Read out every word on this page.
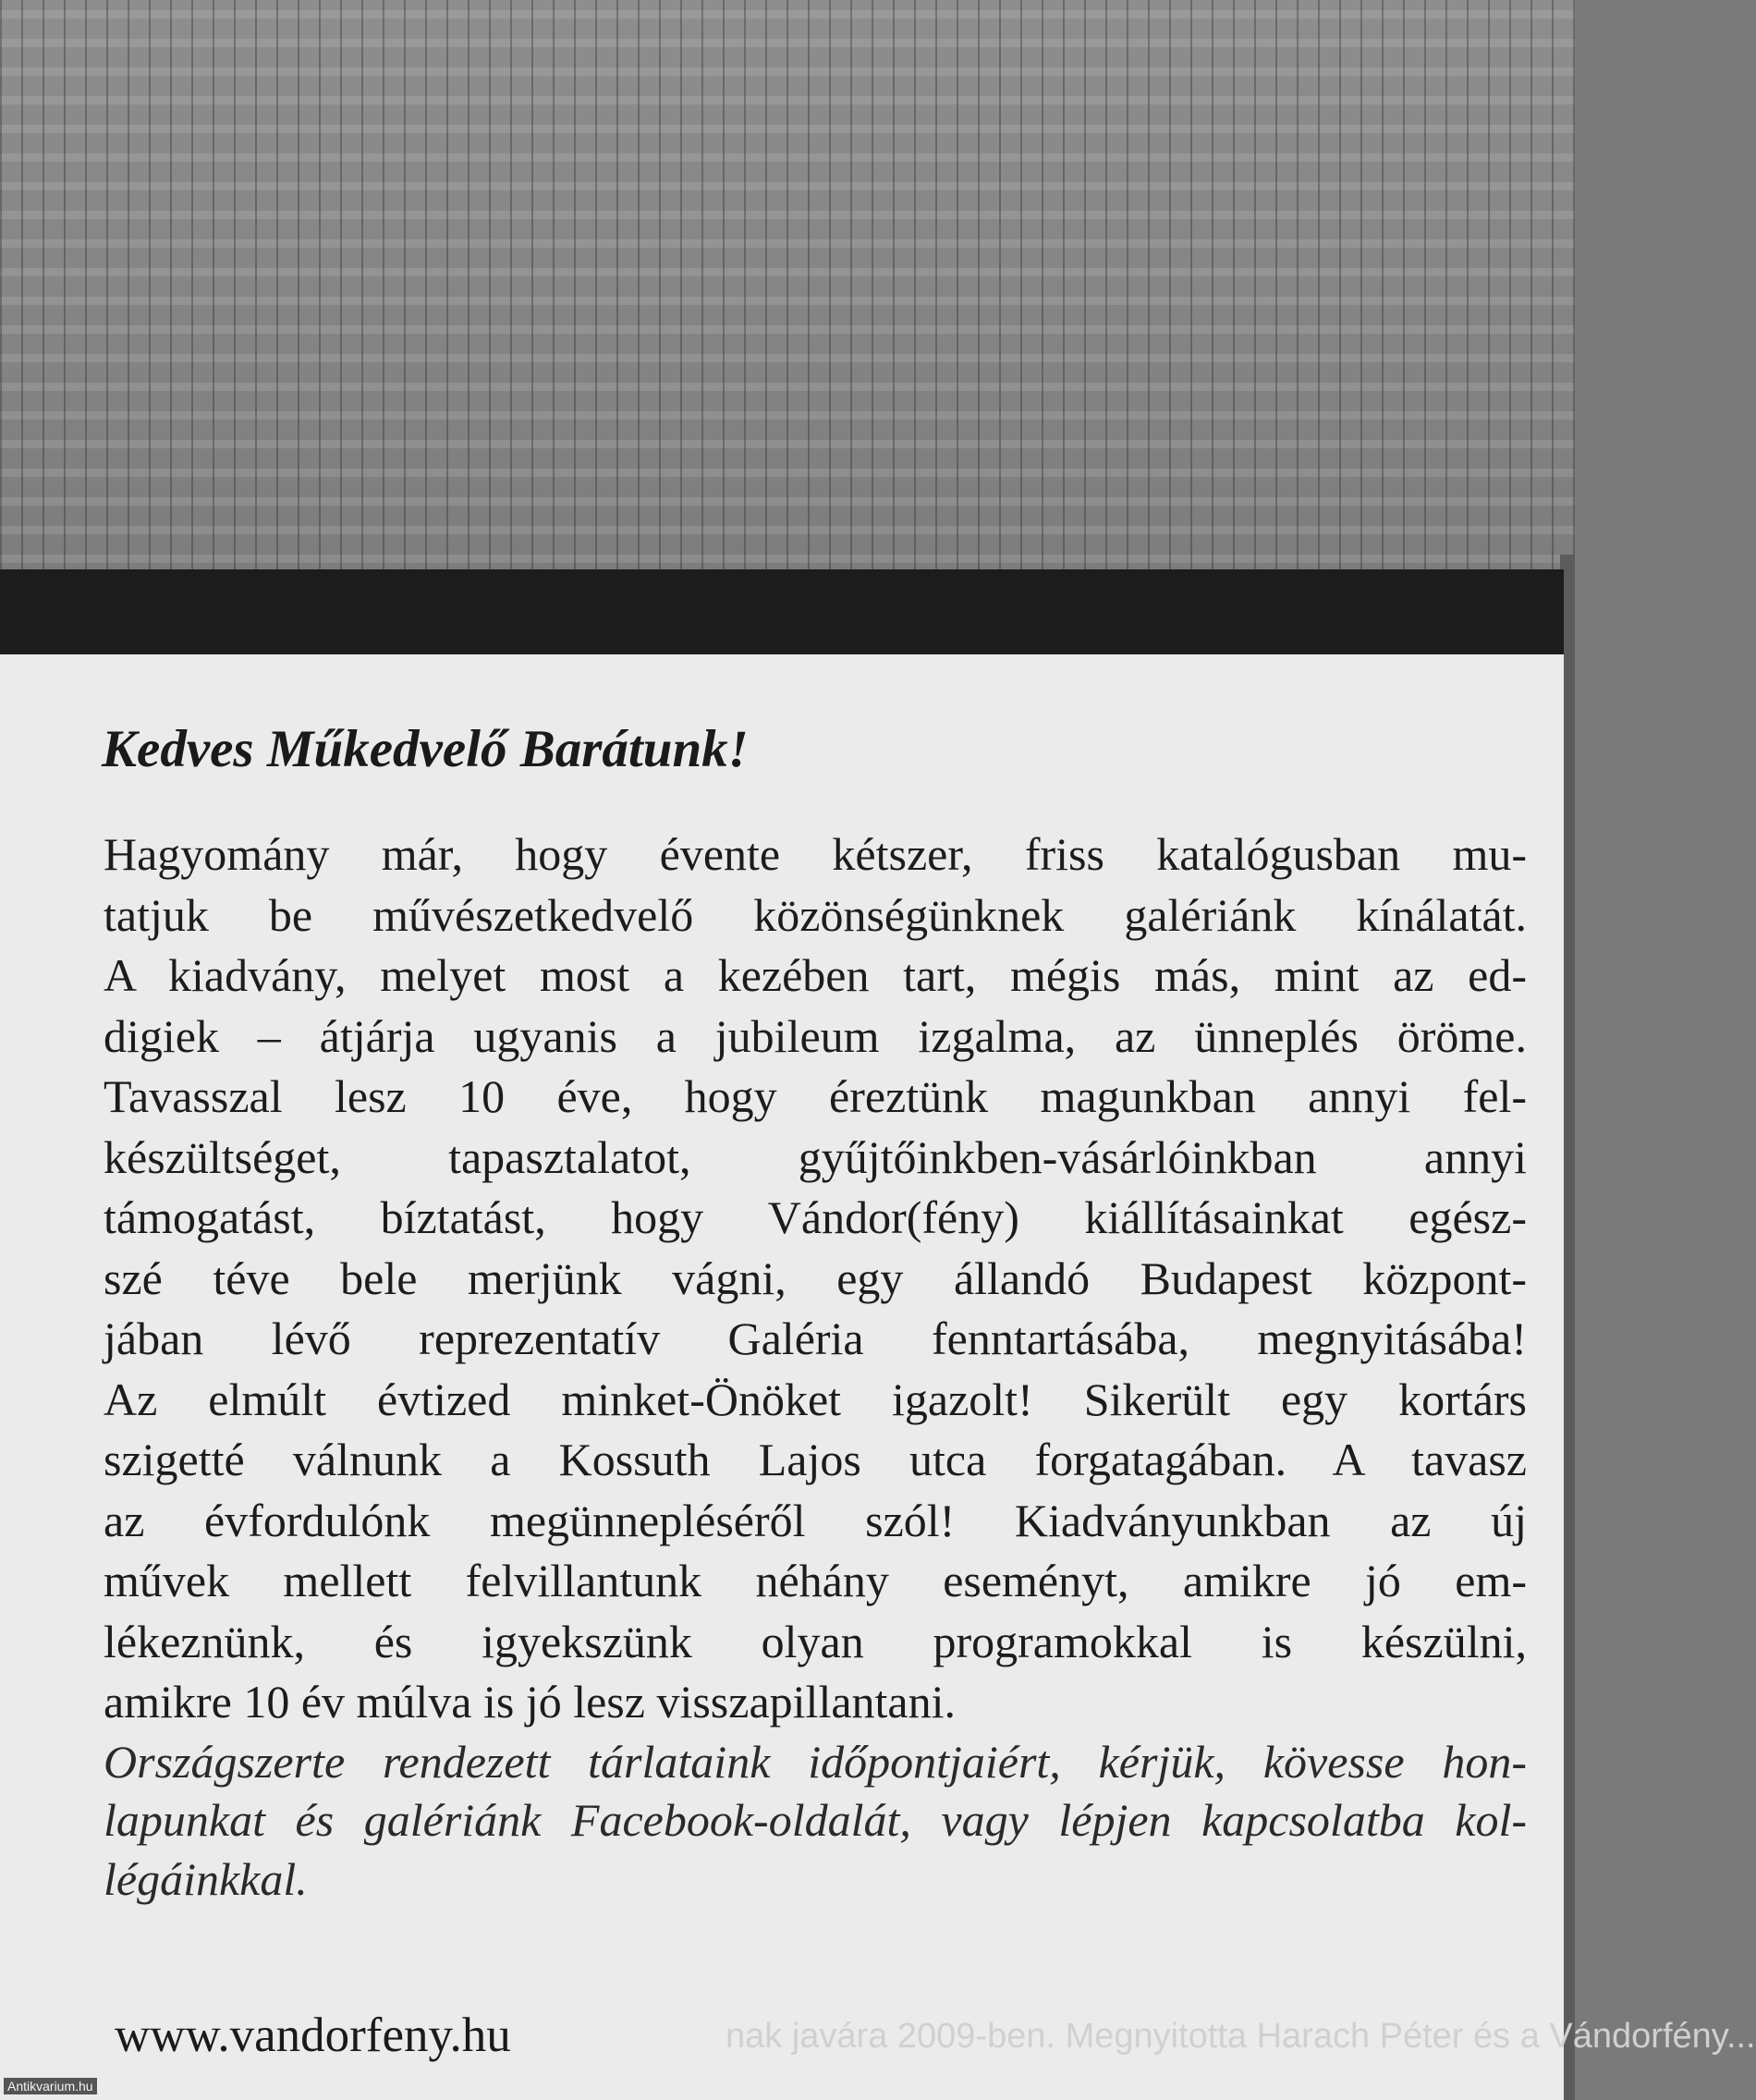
Kedves Műkedvelő Barátunk!
Hagyomány már, hogy évente kétszer, friss katalógusban mu-
tatjuk be művészetkedvelő közönségünknek galériánk kínálatát.
A kiadvány, melyet most a kezében tart, mégis más, mint az ed-
digiek – átjárja ugyanis a jubileum izgalma, az ünneplés öröme.
Tavasszal lesz 10 éve, hogy éreztünk magunkban annyi fel-
készültséget, tapasztalatot, gyűjtőinkben-vásárlóinkban annyi
támogatást, bíztatást, hogy Vándor(fény) kiállításainkat egész-
szé téve bele merjünk vágni, egy állandó Budapest központ-
jában lévő reprezentatív Galéria fenntartásába, megnyitásába!
Az elmúlt évtized minket-Önöket igazolt! Sikerült egy kortárs
szigetté válnunk a Kossuth Lajos utca forgatagában. A tavasz
az évfordulónk megünnepléséről szól! Kiadványunkban az új
művek mellett felvillantunk néhány eseményt, amikre jó em-
lékeznünk, és igyekszünk olyan programokkal is készülni,
amikre 10 év múlva is jó lesz visszapillantani.
Országszerte rendezett tárlataink időpontjaiért, kérjük, kövesse hon-
lapunkat és galériánk Facebook-oldalát, vagy lépjen kapcsolatba kol-
légáinkkal.
nak javára 2009-ben. Megnyitotta Harach Péter és a Vándorfény...
www.vandorfeny.hu
Antikvarium.hu
